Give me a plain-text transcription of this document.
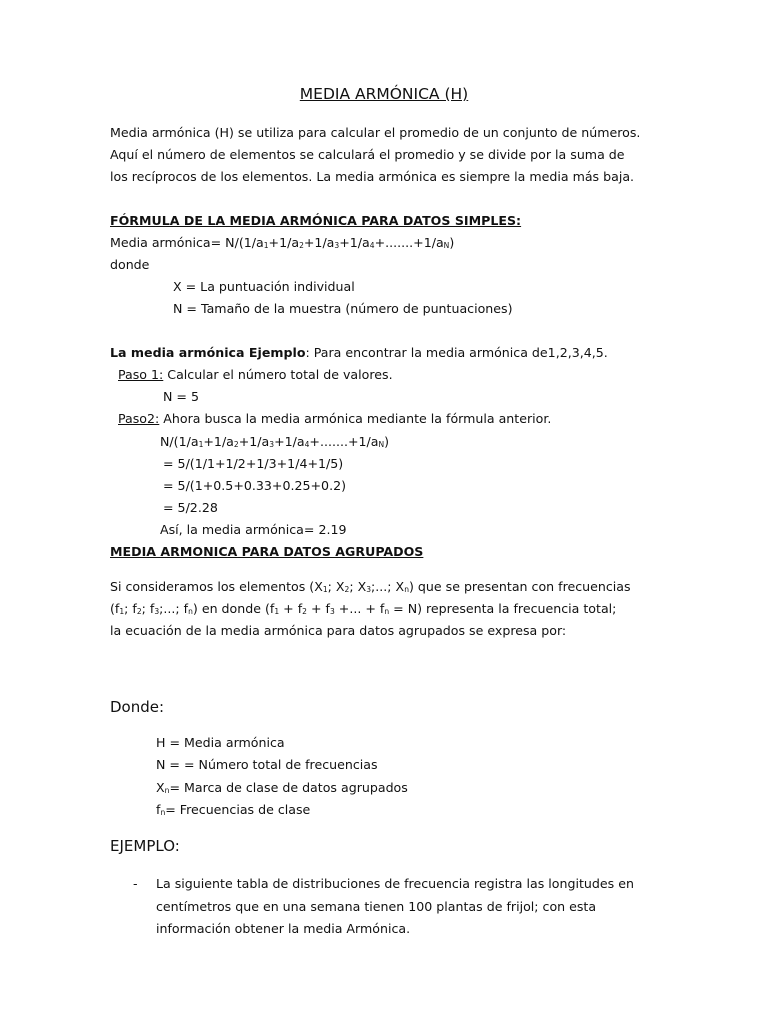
MEDIA ARMÓNICA (H)
Media armónica (H) se utiliza para calcular el promedio de un conjunto de números.
Aquí el número de elementos se calculará el promedio y se divide por la suma de
los recíprocos de los elementos. La media armónica es siempre la media más baja.
FÓRMULA DE LA MEDIA ARMÓNICA PARA DATOS SIMPLES:
Media armónica= $N/(1/a_1+1/a_2+1/a_3+1/a_4+.......+1/a_N)$
donde
X = La puntuación individual
N = Tamaño de la muestra (número de puntuaciones)
La media armónica Ejemplo: Para encontrar la media armónica de1,2,3,4,5.
Paso 1: Calcular el número total de valores.
N = 5
Paso2: Ahora busca la media armónica mediante la fórmula anterior.
$N/(1/a_1+1/a_2+1/a_3+1/a_4+.......+1/a_N)$
= 5/(1/1+1/2+1/3+1/4+1/5)
= 5/(1+0.5+0.33+0.25+0.2)
= 5/2.28
Así, la media armónica= 2.19
MEDIA ARMONICA PARA DATOS AGRUPADOS
Si consideramos los elementos ($X_1$; $X_2$; $X_3$;...; $X_n$) que se presentan con frecuencias
($f_1$; $f_2$; $f_3$;...; $f_n$) en donde ($f_1 + f_2 + f_3$ +... + $f_n = N$) representa la frecuencia total;
la ecuación de la media armónica para datos agrupados se expresa por:
Donde:
H = Media armónica
N = = Número total de frecuencias
$X_n=$ Marca de clase de datos agrupados
$f_n=$ Frecuencias de clase
EJEMPLO:
- La siguiente tabla de distribuciones de frecuencia registra las longitudes en
centímetros que en una semana tienen 100 plantas de frijol; con esta
información obtener la media Armónica.
